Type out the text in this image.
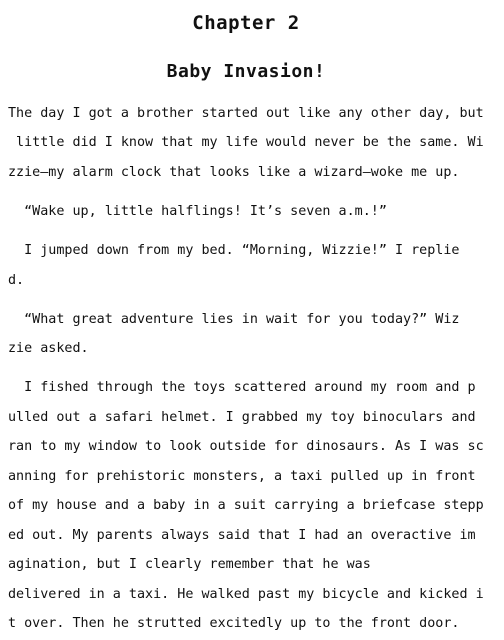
Chapter 2
Baby Invasion!
The day I got a brother started out like any other day, but
little did I know that my life would never be the same. Wi
zzie—my alarm clock that looks like a wizard—woke me up.
“Wake up, little halflings! It’s seven a.m.!”
I jumped down from my bed. “Morning, Wizzie!” I replie
d.
“What great adventure lies in wait for you today?” Wiz
zie asked.
I fished through the toys scattered around my room and p
ulled out a safari helmet. I grabbed my toy binoculars and
ran to my window to look outside for dinosaurs. As I was sc
anning for prehistoric monsters, a taxi pulled up in front
of my house and a baby in a suit carrying a briefcase stepp
ed out. My parents always said that I had an overactive im
agination, but I clearly remember that he was
delivered in a taxi. He walked past my bicycle and kicked i
t over. Then he strutted excitedly up to the front door.
